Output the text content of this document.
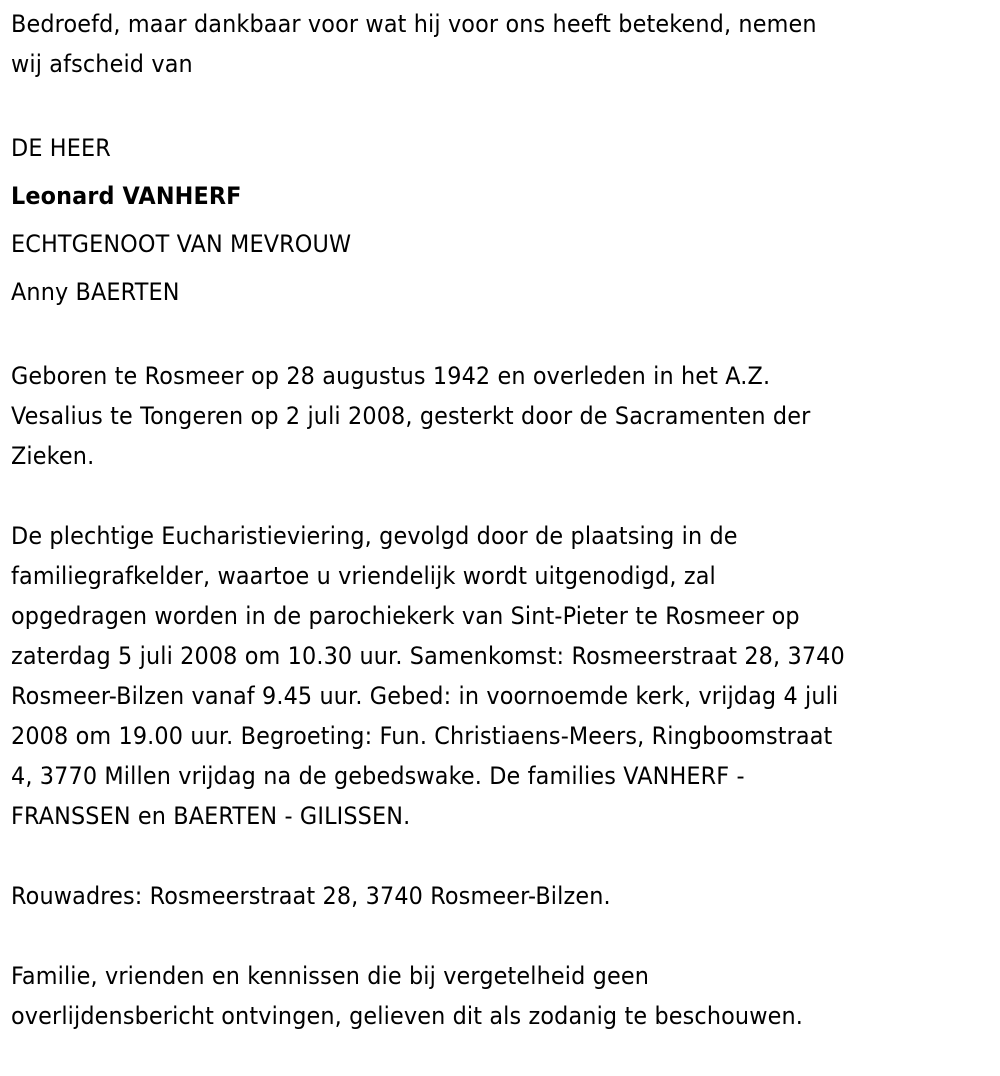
Bedroefd, maar dankbaar voor wat hij voor ons heeft betekend, nemen
wij afscheid van
DE HEER
Leonard VANHERF
ECHTGENOOT VAN MEVROUW
Anny BAERTEN
Geboren te Rosmeer op 28 augustus 1942 en overleden in het A.Z.
Vesalius te Tongeren op 2 juli 2008, gesterkt door de Sacramenten der
Zieken.
De plechtige Eucharistieviering, gevolgd door de plaatsing in de
familiegrafkelder, waartoe u vriendelijk wordt uitgenodigd, zal
opgedragen worden in de parochiekerk van Sint-Pieter te Rosmeer op
zaterdag 5 juli 2008 om 10.30 uur. Samenkomst: Rosmeerstraat 28, 3740
Rosmeer-Bilzen vanaf 9.45 uur. Gebed: in voornoemde kerk, vrijdag 4 juli
2008 om 19.00 uur. Begroeting: Fun. Christiaens-Meers, Ringboomstraat
4, 3770 Millen vrijdag na de gebedswake. De families VANHERF -
FRANSSEN en BAERTEN - GILISSEN.
Rouwadres: Rosmeerstraat 28, 3740 Rosmeer-Bilzen.
Familie, vrienden en kennissen die bij vergetelheid geen
overlijdensbericht ontvingen, gelieven dit als zodanig te beschouwen.
